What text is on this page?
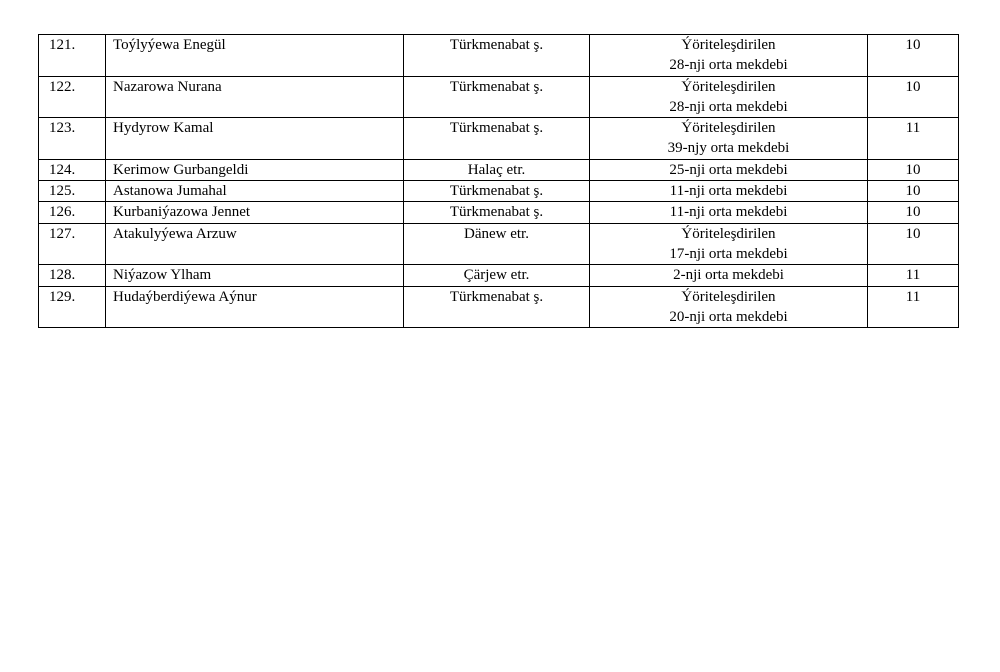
121.	Toýlyýewa Enegül	Türkmenabat ş.	Ýöriteleşdirilen
28-nji orta mekdebi	10
122.	Nazarowa Nurana	Türkmenabat ş.	Ýöriteleşdirilen
28-nji orta mekdebi	10
123.	Hydyrow Kamal	Türkmenabat ş.	Ýöriteleşdirilen
39-njy orta mekdebi	11
124.	Kerimow Gurbangeldi	Halaç etr.	25-nji orta mekdebi	10
125.	Astanowa Jumahal	Türkmenabat ş.	11-nji orta mekdebi	10
126.	Kurbaniýazowa Jennet	Türkmenabat ş.	11-nji orta mekdebi	10
127.	Atakulyýewa Arzuw	Dänew etr.	Ýöriteleşdirilen
17-nji orta mekdebi	10
128.	Niýazow Ylham	Çärjew etr.	2-nji orta mekdebi	11
129.	Hudaýberdiýewa Aýnur	Türkmenabat ş.	Ýöriteleşdirilen
20-nji orta mekdebi	11
